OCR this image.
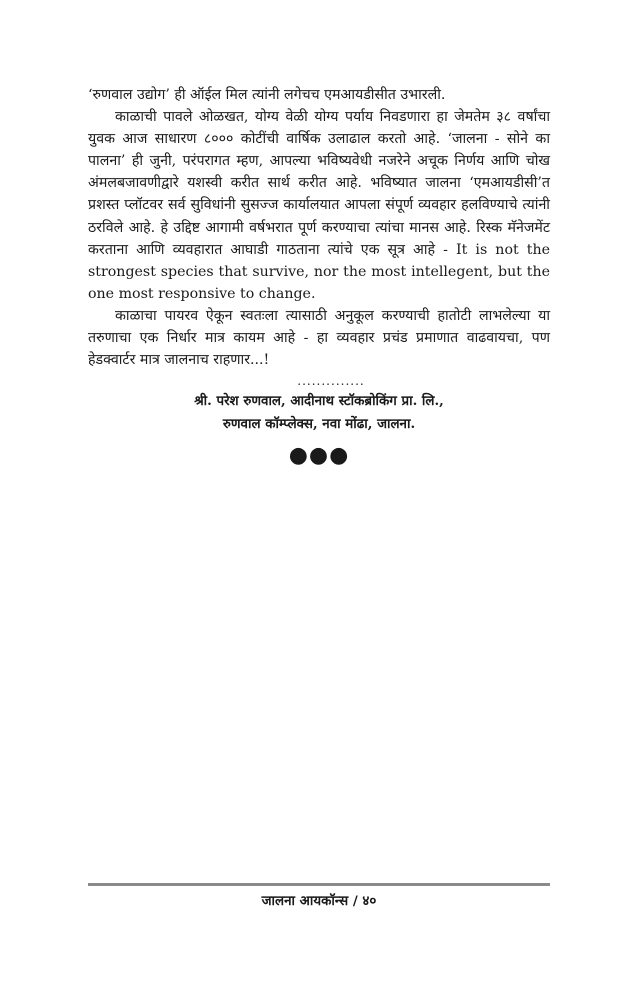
‘रुणवाल उद्योग’ ही ऑईल मिल त्यांनी लगेचच एमआयडीसीत उभारली.

काळाची पावले ओळखत, योग्य वेळी योग्य पर्याय निवडणारा हा जेमतेम ३८ वर्षांचा युवक आज साधारण ८००० कोटींची वार्षिक उलाढाल करतो आहे. ‘जालना - सोने का पालना’ ही जुनी, परंपरागत म्हण, आपल्या भविष्यवेधी नजरेने अचूक निर्णय आणि चोख अंमलबजावणीद्वारे यशस्वी करीत सार्थ करीत आहे. भविष्यात जालना ‘एमआयडीसी’त प्रशस्त प्लॉटवर सर्व सुविधांनी सुसज्ज कार्यालयात आपला संपूर्ण व्यवहार हलविण्याचे त्यांनी ठरविले आहे. हे उद्दिष्ट आगामी वर्षभरात पूर्ण करण्याचा त्यांचा मानस आहे. रिस्क मॅनेजमेंट करताना आणि व्यवहारात आघाडी गाठताना त्यांचे एक सूत्र आहे - It is not the strongest species that survive, nor the most intellegent, but the one most responsive to change.

काळाचा पायरव ऐकून स्वतःला त्यासाठी अनुकूल करण्याची हातोटी लाभलेल्या या तरुणाचा एक निर्धार मात्र कायम आहे - हा व्यवहार प्रचंड प्रमाणात वाढवायचा, पण हेडक्वार्टर मात्र जालनाच राहणार...!

..............
श्री. परेश रुणवाल, आदीनाथ स्टॉकब्रोकिंग प्रा. लि.,
रुणवाल कॉम्प्लेक्स, नवा मोंढा, जालना.
●●●
जालना आयकॉन्स / ४०
